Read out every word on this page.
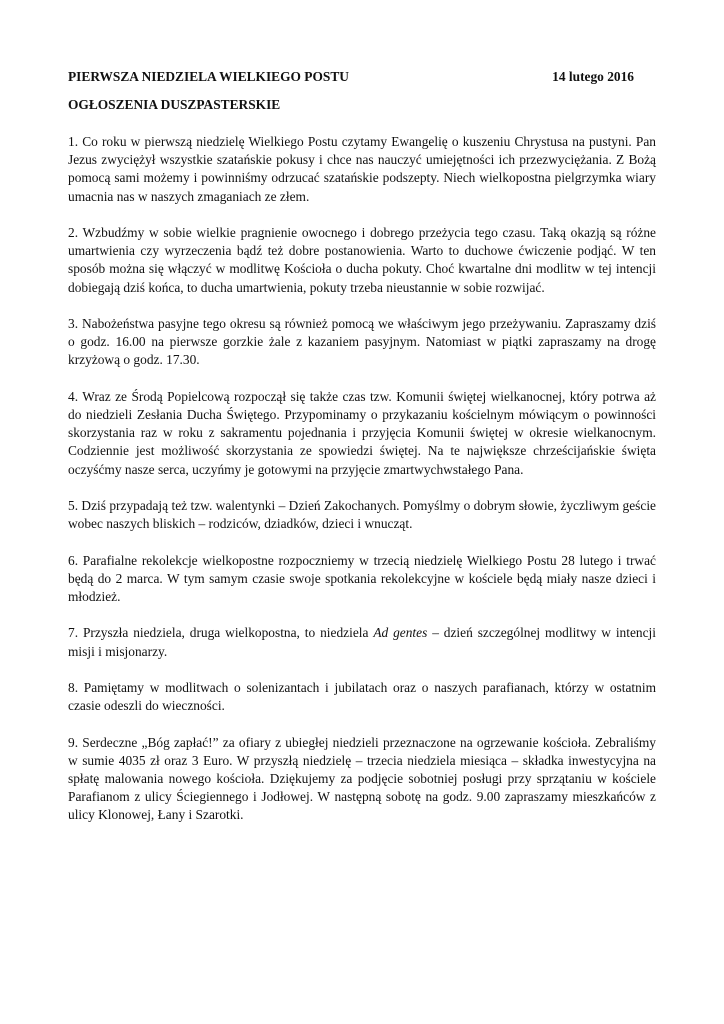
PIERWSZA NIEDZIELA WIELKIEGO POSTU	14 lutego 2016
OGŁOSZENIA DUSZPASTERSKIE

1. Co roku w pierwszą niedzielę Wielkiego Postu czytamy Ewangelię o kuszeniu Chrystusa na pustyni. Pan Jezus zwyciężył wszystkie szatańskie pokusy i chce nas nauczyć umiejętności ich przezwyciężania. Z Bożą pomocą sami możemy i powinniśmy odrzucać szatańskie podszepty. Niech wielkopostna pielgrzymka wiary umacnia nas w naszych zmaganiach ze złem.

2. Wzbudźmy w sobie wielkie pragnienie owocnego i dobrego przeżycia tego czasu. Taką okazją są różne umartwienia czy wyrzeczenia bądź też dobre postanowienia. Warto to duchowe ćwiczenie podjąć. W ten sposób można się włączyć w modlitwę Kościoła o ducha pokuty. Choć kwartalne dni modlitw w tej intencji dobiegają dziś końca, to ducha umartwienia, pokuty trzeba nieustannie w sobie rozwijać.

3. Nabożeństwa pasyjne tego okresu są również pomocą we właściwym jego przeżywaniu. Zapraszamy dziś o godz. 16.00 na pierwsze gorzkie żale z kazaniem pasyjnym. Natomiast w piątki zapraszamy na drogę krzyżową o godz. 17.30.

4. Wraz ze Środą Popielcową rozpoczął się także czas tzw. Komunii świętej wielkanocnej, który potrwa aż do niedzieli Zesłania Ducha Świętego. Przypominamy o przykazaniu kościelnym mówiącym o powinności skorzystania raz w roku z sakramentu pojednania i przyjęcia Komunii świętej w okresie wielkanocnym. Codziennie jest możliwość skorzystania ze spowiedzi świętej. Na te największe chrześcijańskie święta oczyśćmy nasze serca, uczyńmy je gotowymi na przyjęcie zmartwychwstałego Pana.

5. Dziś przypadają też tzw. walentynki – Dzień Zakochanych. Pomyślmy o dobrym słowie, życzliwym geście wobec naszych bliskich – rodziców, dziadków, dzieci i wnucząt.

6. Parafialne rekolekcje wielkopostne rozpoczniemy w trzecią niedzielę Wielkiego Postu 28 lutego i trwać będą do 2 marca. W tym samym czasie swoje spotkania rekolekcyjne w kościele będą miały nasze dzieci i młodzież.

7. Przyszła niedziela, druga wielkopostna, to niedziela Ad gentes – dzień szczególnej modlitwy w intencji misji i misjonarzy.

8. Pamiętamy w modlitwach o solenizantach i jubilatach oraz o naszych parafianach, którzy w ostatnim czasie odeszli do wieczności.

9. Serdeczne „Bóg zapłać!” za ofiary z ubiegłej niedzieli przeznaczone na ogrzewanie kościoła. Zebraliśmy w sumie 4035 zł oraz 3 Euro. W przyszłą niedzielę – trzecia niedziela miesiąca – składka inwestycyjna na spłatę malowania nowego kościoła. Dziękujemy za podjęcie sobotniej posługi przy sprzątaniu w kościele Parafianom z ulicy Ściegiennego i Jodłowej. W następną sobotę na godz. 9.00 zapraszamy mieszkańców z ulicy Klonowej, Łany i Szarotki.
